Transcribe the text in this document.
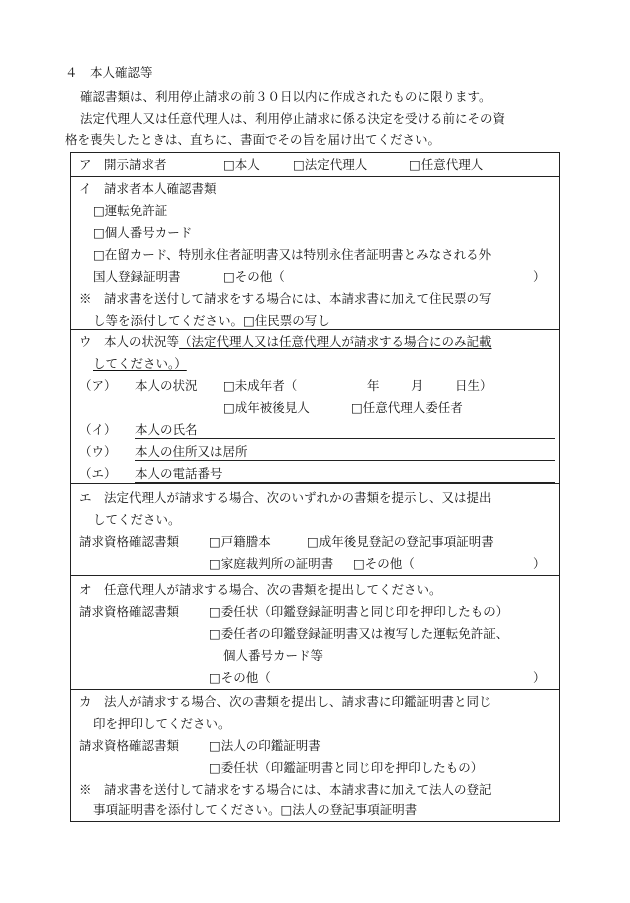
４　本人確認等
確認書類は、利用停止請求の前３０日以内に作成されたものに限ります。
法定代理人又は任意代理人は、利用停止請求に係る決定を受ける前にその資
格を喪失したときは、直ちに、書面でその旨を届け出てください。
ア　開示請求者	□本人	□法定代理人	□任意代理人
イ　請求者本人確認書類
□運転免許証
□個人番号カード
□在留カード、特別永住者証明書又は特別永住者証明書とみなされる外
国人登録証明書	□その他（	）
※　請求書を送付して請求をする場合には、本請求書に加えて住民票の写
し等を添付してください。□住民票の写し
ウ　本人の状況等（法定代理人又は任意代理人が請求する場合にのみ記載
してください。）
（ア） 本人の状況 □未成年者（	年	月	日生）
□成年被後見人	□任意代理人委任者
（イ） 本人の氏名
（ウ） 本人の住所又は居所
（エ） 本人の電話番号
エ　法定代理人が請求する場合、次のいずれかの書類を提示し、又は提出
してください。
請求資格確認書類 □戸籍謄本	□成年後見登記の登記事項証明書
□家庭裁判所の証明書 □その他（	）
オ　任意代理人が請求する場合、次の書類を提出してください。
請求資格確認書類 □委任状（印鑑登録証明書と同じ印を押印したもの）
□委任者の印鑑登録証明書又は複写した運転免許証、
個人番号カード等
□その他（	）
カ　法人が請求する場合、次の書類を提出し、請求書に印鑑証明書と同じ
印を押印してください。
請求資格確認書類 □法人の印鑑証明書
□委任状（印鑑証明書と同じ印を押印したもの）
※　請求書を送付して請求をする場合には、本請求書に加えて法人の登記
事項証明書を添付してください。□法人の登記事項証明書
